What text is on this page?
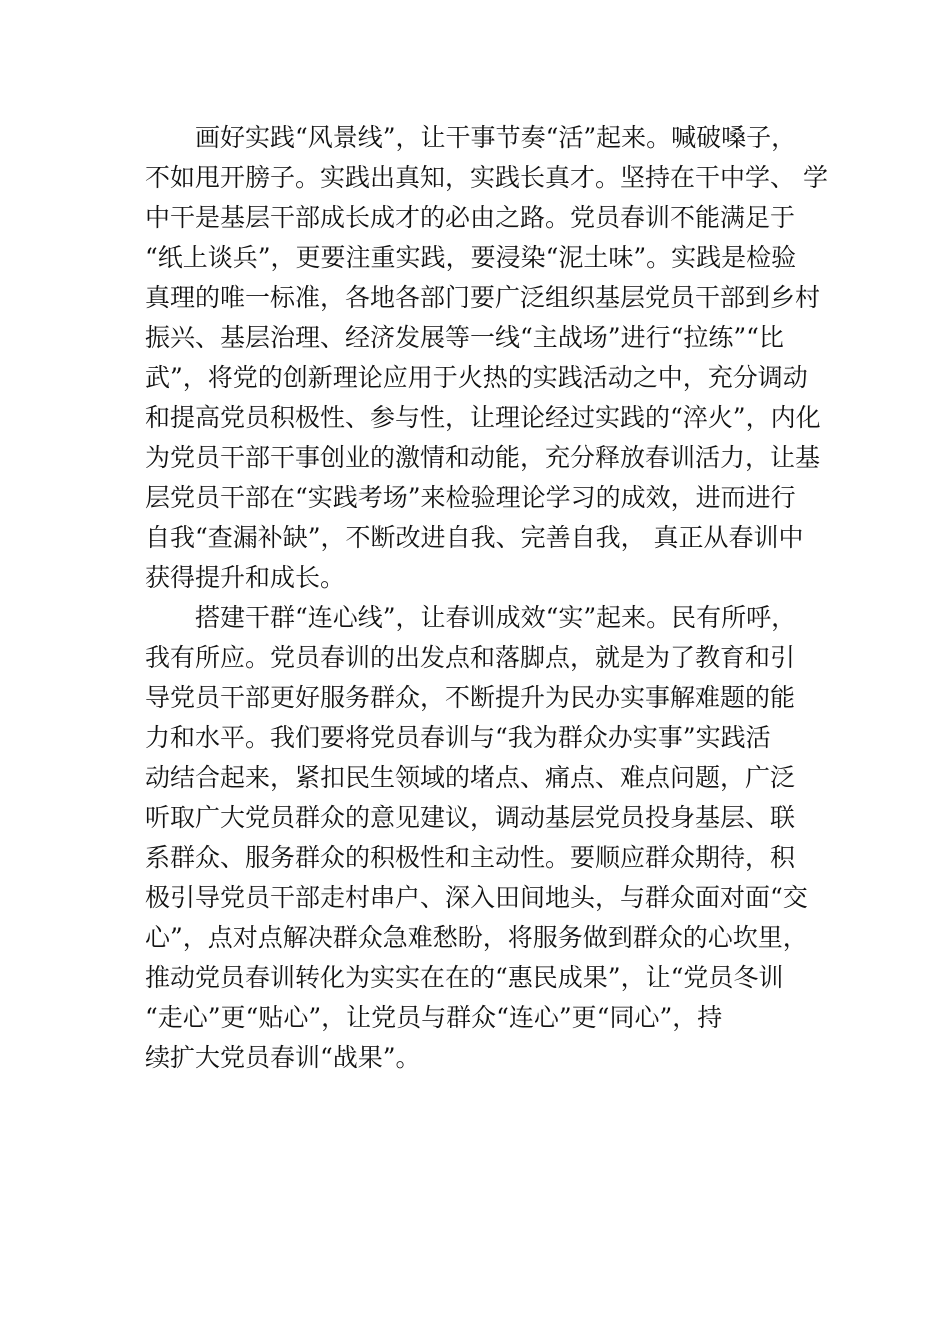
画好实践“风景线”，让干事节奏“活”起来。喊破嗓子，
不如甩开膀子。实践出真知，实践长真才。坚持在干中学、 学
中干是基层干部成长成才的必由之路。党员春训不能满足于
“纸上谈兵”，更要注重实践，要浸染“泥土味”。实践是检验
真理的唯一标准，各地各部门要广泛组织基层党员干部到乡村
振兴、基层治理、经济发展等一线“主战场”进行“拉练”“比
武”，将党的创新理论应用于火热的实践活动之中，充分调动
和提高党员积极性、参与性，让理论经过实践的“淬火”，内化
为党员干部干事创业的激情和动能，充分释放春训活力，让基
层党员干部在“实践考场”来检验理论学习的成效，进而进行
自我“查漏补缺”，不断改进自我、完善自我， 真正从春训中
获得提升和成长。
搭建干群“连心线”，让春训成效“实”起来。民有所呼，
我有所应。党员春训的出发点和落脚点，就是为了教育和引
导党员干部更好服务群众，不断提升为民办实事解难题的能
力和水平。我们要将党员春训与“我为群众办实事”实践活
动结合起来，紧扣民生领域的堵点、痛点、难点问题，广泛
听取广大党员群众的意见建议，调动基层党员投身基层、联
系群众、服务群众的积极性和主动性。要顺应群众期待，积
极引导党员干部走村串户、深入田间地头，与群众面对面“交
心”，点对点解决群众急难愁盼，将服务做到群众的心坎里，
推动党员春训转化为实实在在的“惠民成果”，让“党员冬训
“走心”更“贴心”，让党员与群众“连心”更“同心”，持
续扩大党员春训“战果”。
